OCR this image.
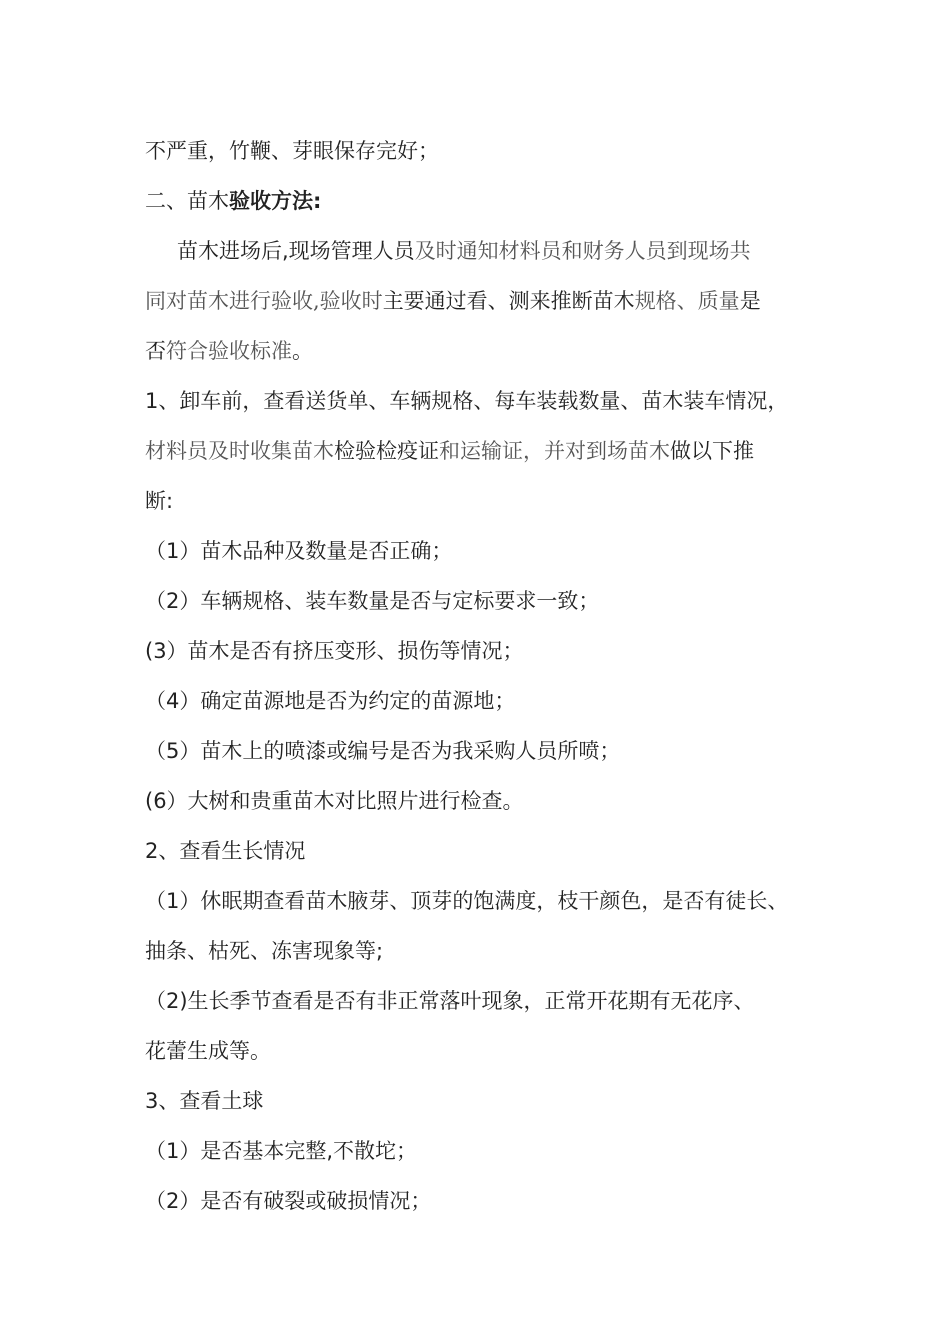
不严重，竹鞭、芽眼保存完好；
二、苗木验收方法:
苗木进场后,现场管理人员及时通知材料员和财务人员到现场共
同对苗木进行验收,验收时主要通过看、测来推断苗木规格、质量是
否符合验收标准。
1、卸车前，查看送货单、车辆规格、每车装载数量、苗木装车情况，
材料员及时收集苗木检验检疫证和运输证，并对到场苗木做以下推
断:
（1）苗木品种及数量是否正确；
（2）车辆规格、装车数量是否与定标要求一致；
(3）苗木是否有挤压变形、损伤等情况；
（4）确定苗源地是否为约定的苗源地；
（5）苗木上的喷漆或编号是否为我采购人员所喷；
(6）大树和贵重苗木对比照片进行检查。
2、查看生长情况
（1）休眠期查看苗木腋芽、顶芽的饱满度，枝干颜色，是否有徒长、
抽条、枯死、冻害现象等;
（2)生长季节查看是否有非正常落叶现象，正常开花期有无花序、
花蕾生成等。
3、查看土球
（1）是否基本完整,不散坨；
（2）是否有破裂或破损情况；
